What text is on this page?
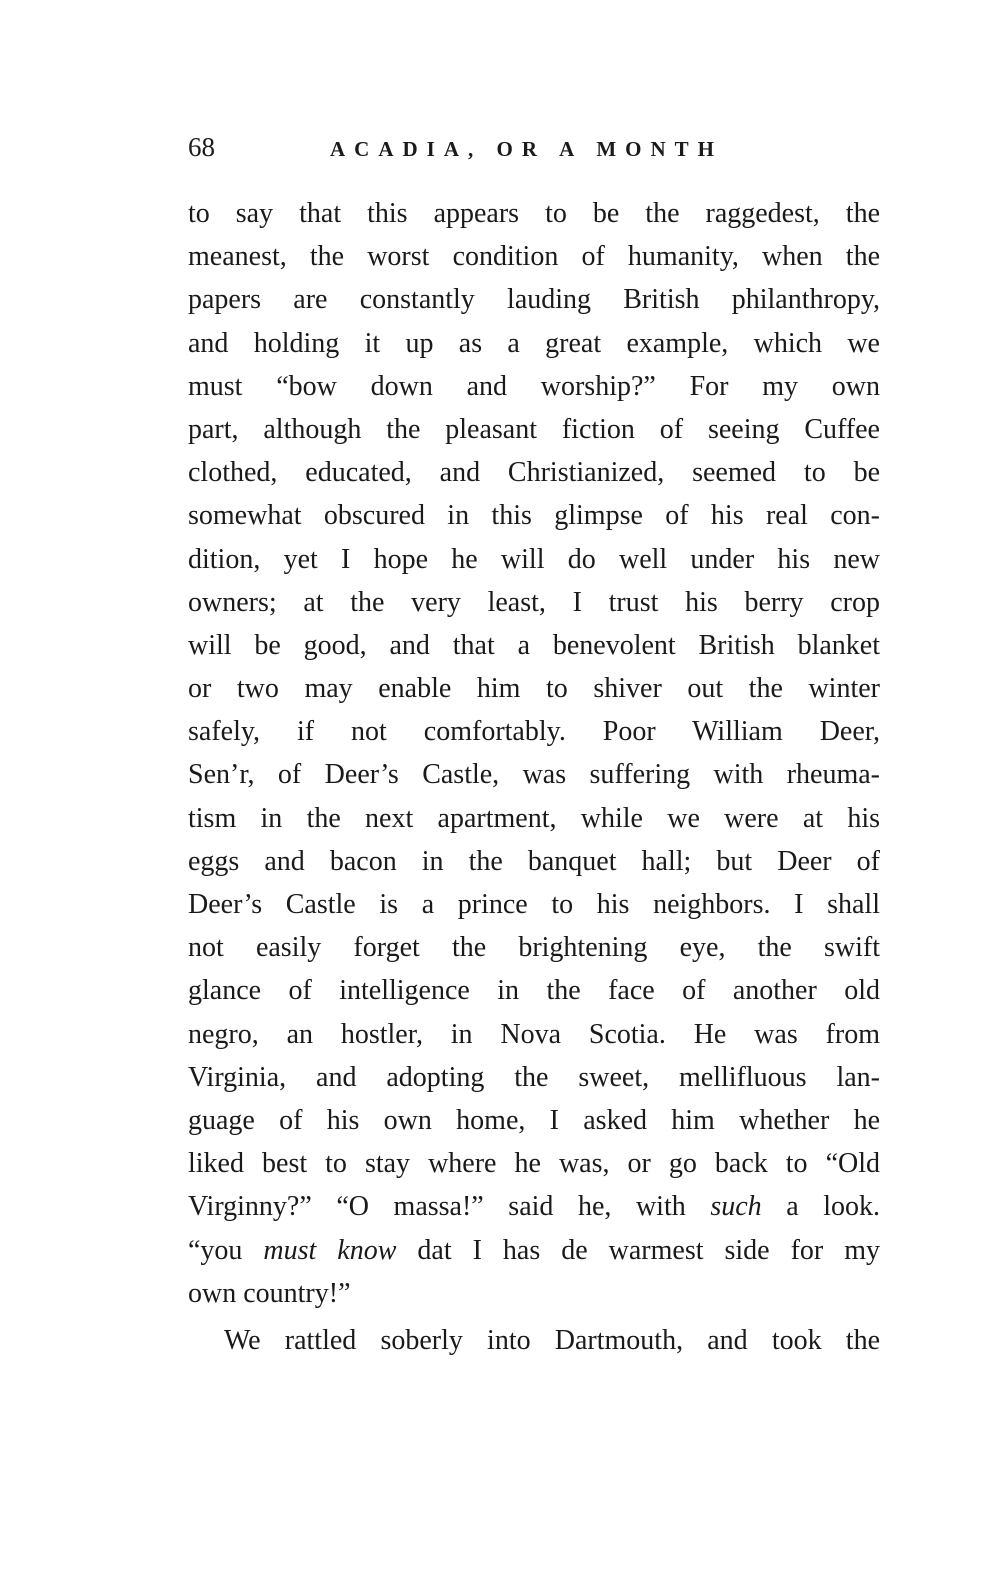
68	ACADIA, OR A MONTH
to say that this appears to be the raggedest, the
meanest, the worst condition of humanity, when the
papers are constantly lauding British philanthropy,
and holding it up as a great example, which we
must “bow down and worship?” For my own
part, although the pleasant fiction of seeing Cuffee
clothed, educated, and Christianized, seemed to be
somewhat obscured in this glimpse of his real con-
dition, yet I hope he will do well under his new
owners; at the very least, I trust his berry crop
will be good, and that a benevolent British blanket
or two may enable him to shiver out the winter
safely, if not comfortably. Poor William Deer,
Sen’r, of Deer’s Castle, was suffering with rheuma-
tism in the next apartment, while we were at his
eggs and bacon in the banquet hall; but Deer of
Deer’s Castle is a prince to his neighbors. I shall
not easily forget the brightening eye, the swift
glance of intelligence in the face of another old
negro, an hostler, in Nova Scotia. He was from
Virginia, and adopting the sweet, mellifluous lan-
guage of his own home, I asked him whether he
liked best to stay where he was, or go back to “Old
Virginny?” “O massa!” said he, with such a look.
“you must know dat I has de warmest side for my
own country!”
We rattled soberly into Dartmouth, and took the
